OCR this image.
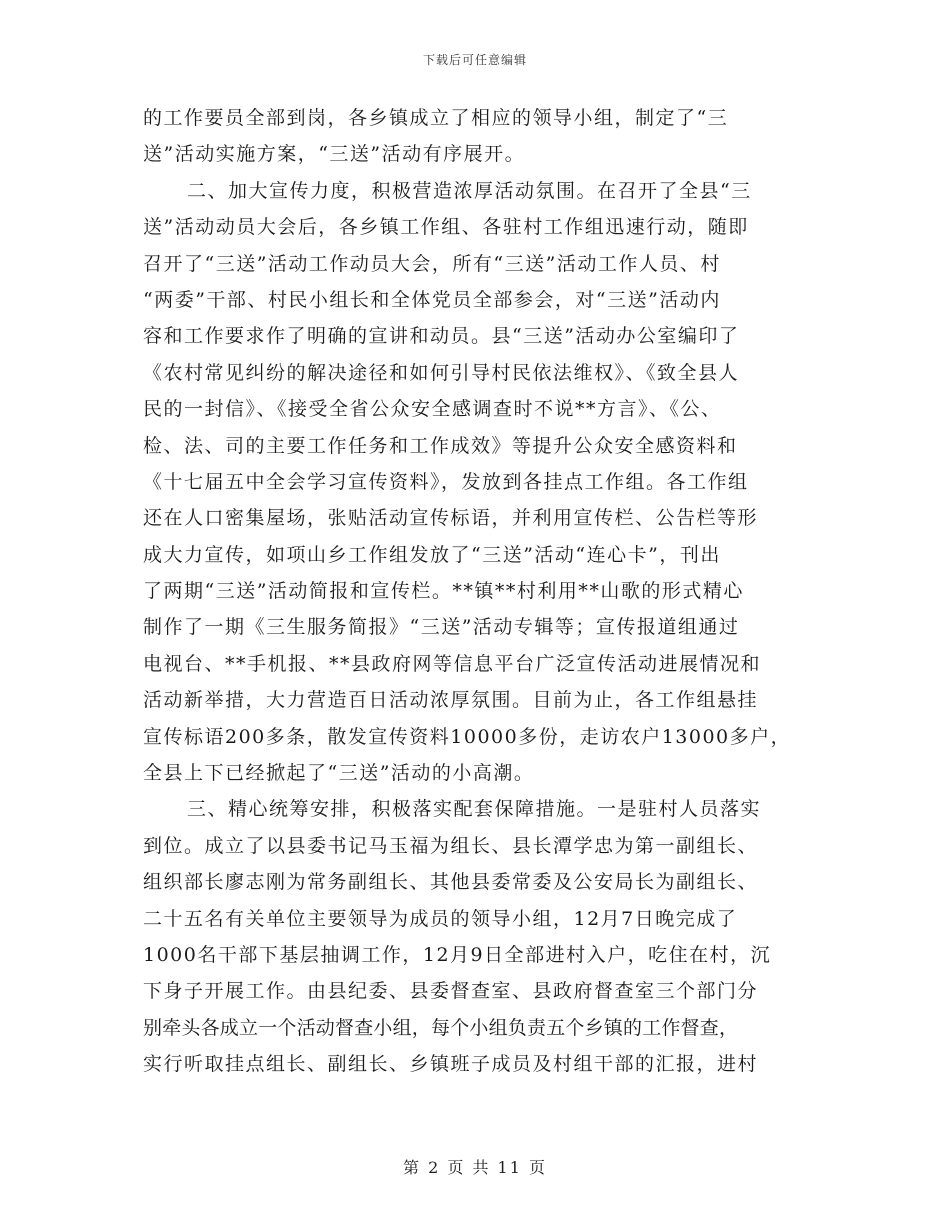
下载后可任意编辑
的工作要员全部到岗，各乡镇成立了相应的领导小组，制定了“三
送”活动实施方案，“三送”活动有序展开。
二、加大宣传力度，积极营造浓厚活动氛围。在召开了全县“三
送”活动动员大会后，各乡镇工作组、各驻村工作组迅速行动，随即
召开了“三送”活动工作动员大会，所有“三送”活动工作人员、村
“两委”干部、村民小组长和全体党员全部参会，对“三送”活动内
容和工作要求作了明确的宣讲和动员。县“三送”活动办公室编印了
《农村常见纠纷的解决途径和如何引导村民依法维权》、《致全县人
民的一封信》、《接受全省公众安全感调查时不说**方言》、《公、
检、法、司的主要工作任务和工作成效》等提升公众安全感资料和
《十七届五中全会学习宣传资料》，发放到各挂点工作组。各工作组
还在人口密集屋场，张贴活动宣传标语，并利用宣传栏、公告栏等形
成大力宣传，如项山乡工作组发放了“三送”活动“连心卡”，刊出
了两期“三送”活动简报和宣传栏。**镇**村利用**山歌的形式精心
制作了一期《三生服务简报》“三送”活动专辑等；宣传报道组通过
电视台、**手机报、**县政府网等信息平台广泛宣传活动进展情况和
活动新举措，大力营造百日活动浓厚氛围。目前为止，各工作组悬挂
宣传标语200多条，散发宣传资料10000多份，走访农户13000多户，
全县上下已经掀起了“三送”活动的小高潮。
三、精心统筹安排，积极落实配套保障措施。一是驻村人员落实
到位。成立了以县委书记马玉福为组长、县长潭学忠为第一副组长、
组织部长廖志刚为常务副组长、其他县委常委及公安局长为副组长、
二十五名有关单位主要领导为成员的领导小组，12月7日晚完成了
1000名干部下基层抽调工作，12月9日全部进村入户，吃住在村，沉
下身子开展工作。由县纪委、县委督查室、县政府督查室三个部门分
别牵头各成立一个活动督查小组，每个小组负责五个乡镇的工作督查，
实行听取挂点组长、副组长、乡镇班子成员及村组干部的汇报，进村
第 2 页 共 11 页
